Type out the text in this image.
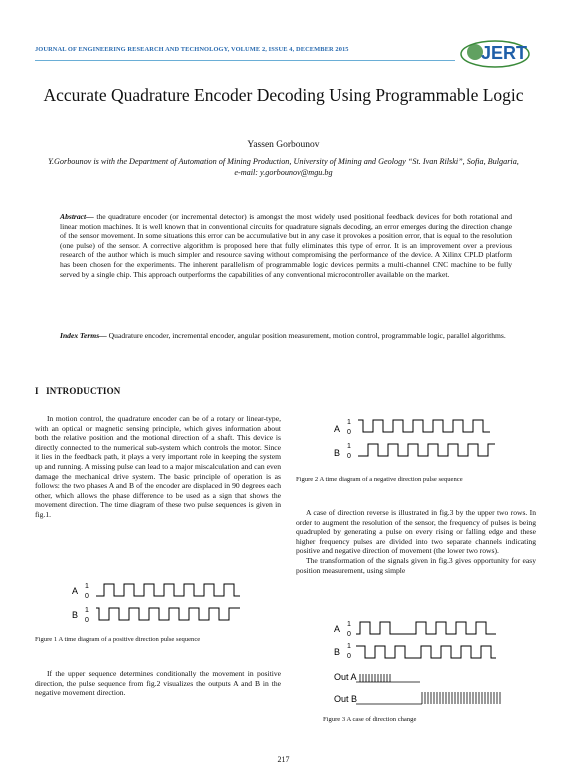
JOURNAL OF ENGINEERING RESEARCH AND TECHNOLOGY, VOLUME 2, ISSUE 4, DECEMBER 2015	JERT
Accurate Quadrature Encoder Decoding Using Programmable Logic
Yassen Gorbounov
Y.Gorbounov is with the Department of Automation of Mining Production, University of Mining and Geology “St. Ivan Rilski”, Sofia, Bulgaria, e-mail: y.gorbounov@mgu.bg
Abstract— the quadrature encoder (or incremental detector) is amongst the most widely used positional feedback devices for both rotational and linear motion machines. It is well known that in conventional circuits for quadrature signals decoding, an error emerges during the direction change of the sensor movement. In some situations this error can be accumulative but in any case it provokes a position error, that is equal to the resolution (one pulse) of the sensor. A corrective algorithm is proposed here that fully eliminates this type of error. It is an improvement over a previous research of the author which is much simpler and resource saving without compromising the performance of the device. A Xilinx CPLD platform has been chosen for the experiments. The inherent parallelism of programmable logic devices permits a multi-channel CNC machine to be fully served by a single chip. This approach outperforms the capabilities of any conventional microcontroller available on the market.
Index Terms— Quadrature encoder, incremental encoder, angular position measurement, motion control, programmable logic, parallel algorithms.
I INTRODUCTION
In motion control, the quadrature encoder can be of a rotary or linear-type, with an optical or magnetic sensing principle, which gives information about both the relative position and the motional direction of a shaft. This device is directly connected to the numerical sub-system which controls the motor. Since it lies in the feedback path, it plays a very important role in keeping the system up and running. A missing pulse can lead to a major miscalculation and can even damage the mechanical drive system. The basic principle of operation is as follows: the two phases A and B of the encoder are displaced in 90 degrees each other, which allows the phase difference to be used as a sign that shows the movement direction. The time diagram of these two pulse sequences is given in fig.1.
A 1
0
B 1
0
Figure 1 A time diagram of a positive direction pulse sequence
If the upper sequence determines conditionally the movement in positive direction, the pulse sequence from fig.2 visualizes the outputs A and B in the negative movement direction.
A
1
0
B
1
0
Figure 2 A time diagram of a negative direction pulse sequence
A case of direction reverse is illustrated in fig.3 by the upper two rows. In order to augment the resolution of the sensor, the frequency of pulses is being quadrupled by generating a pulse on every rising or falling edge and these higher frequency pulses are divided into two separate channels indicating positive and negative direction of movement (the lower two rows).
The transformation of the signals given in fig.3 gives opportunity for easy position measurement, using simple
A 1
0
B
1
0
Out A
Out B
Figure 3 A case of direction change
217
